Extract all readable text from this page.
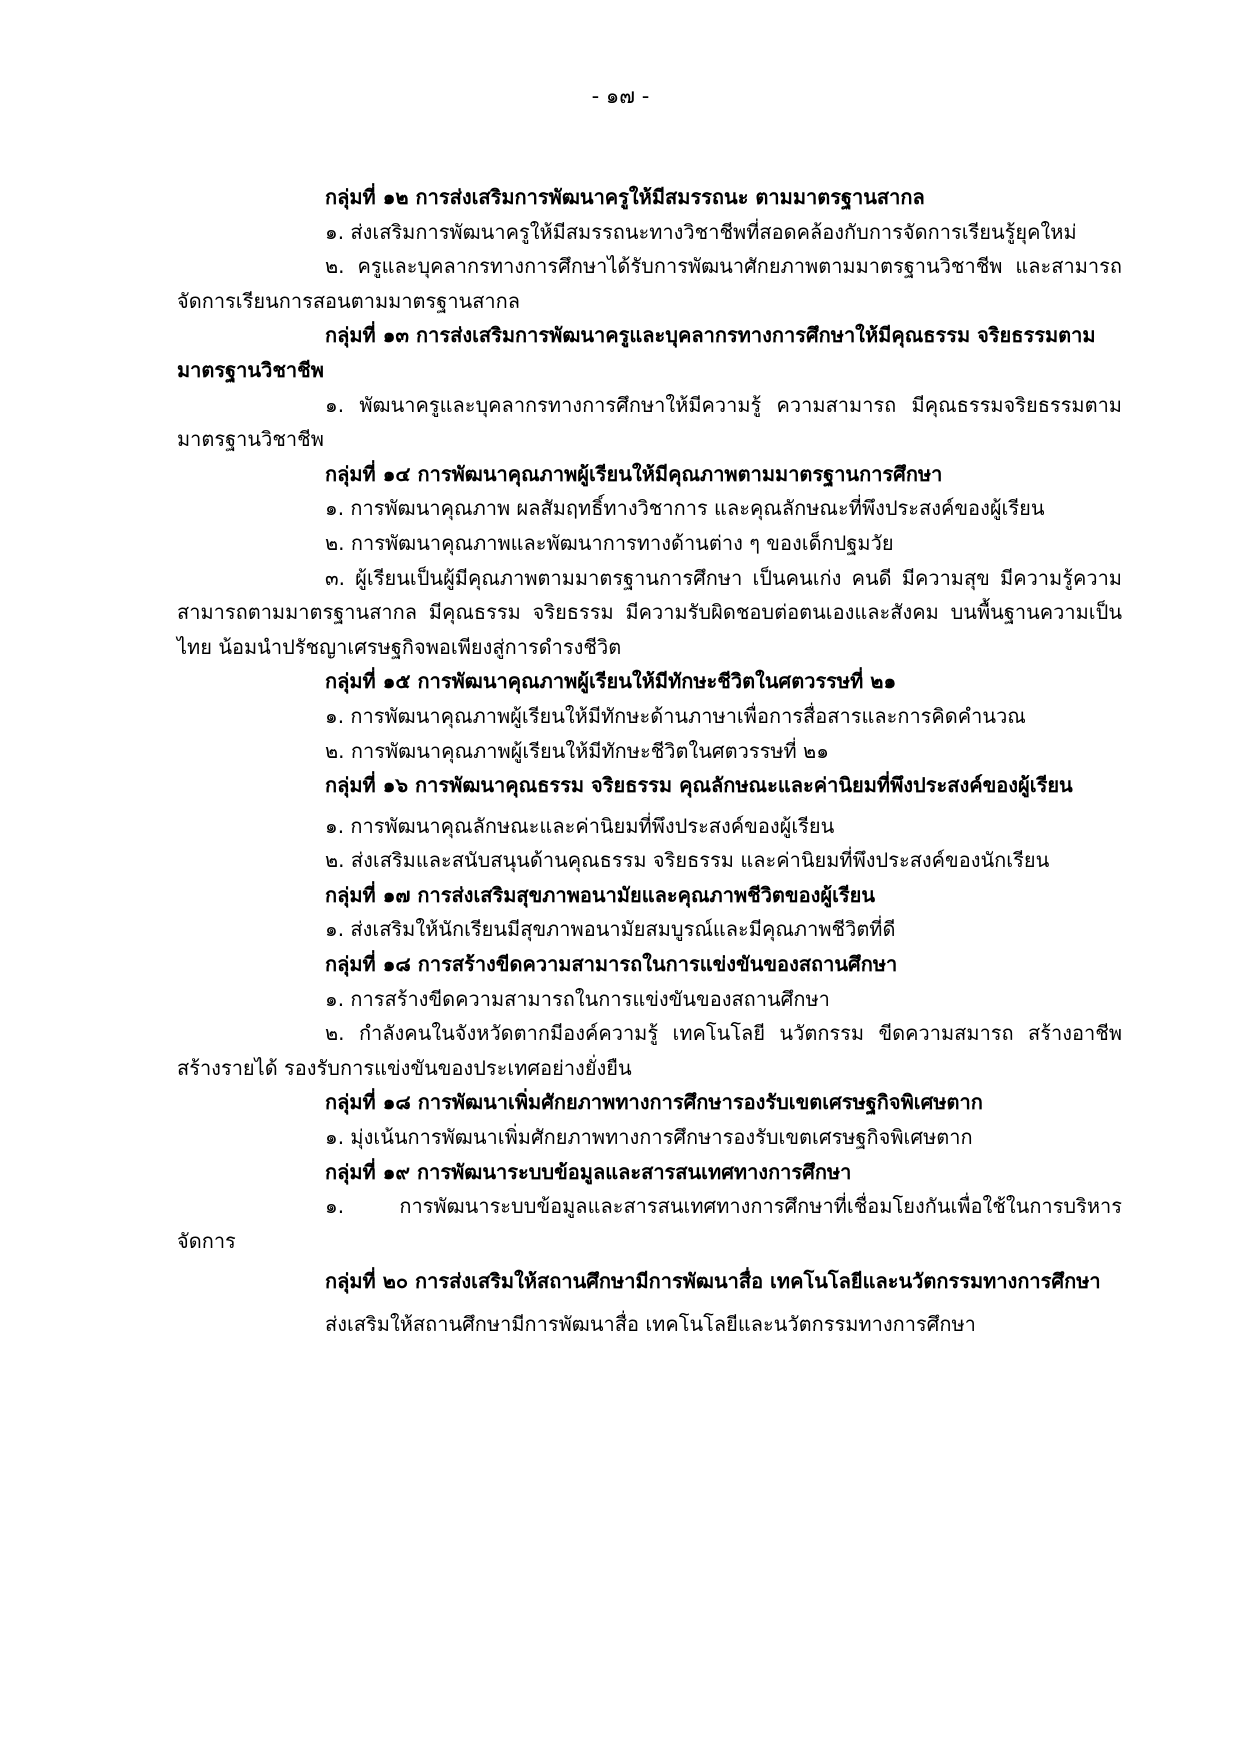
- ๑๗ -

กลุ่มที่ ๑๒ การส่งเสริมการพัฒนาครูให้มีสมรรถนะ ตามมาตรฐานสากล

๑. ส่งเสริมการพัฒนาครูให้มีสมรรถนะทางวิชาชีพที่สอดคล้องกับการจัดการเรียนรู้ยุคใหม่

๒. ครูและบุคลากรทางการศึกษาได้รับการพัฒนาศักยภาพตามมาตรฐานวิชาชีพ และสามารถจัดการเรียนการสอนตามมาตรฐานสากล

กลุ่มที่ ๑๓ การส่งเสริมการพัฒนาครูและบุคลากรทางการศึกษาให้มีคุณธรรม จริยธรรมตามมาตรฐานวิชาชีพ

๑. พัฒนาครูและบุคลากรทางการศึกษาให้มีความรู้ ความสามารถ มีคุณธรรมจริยธรรมตามมาตรฐานวิชาชีพ

กลุ่มที่ ๑๔ การพัฒนาคุณภาพผู้เรียนให้มีคุณภาพตามมาตรฐานการศึกษา

๑. การพัฒนาคุณภาพ ผลสัมฤทธิ์ทางวิชาการ และคุณลักษณะที่พึงประสงค์ของผู้เรียน

๒. การพัฒนาคุณภาพและพัฒนาการทางด้านต่าง ๆ ของเด็กปฐมวัย

๓. ผู้เรียนเป็นผู้มีคุณภาพตามมาตรฐานการศึกษา เป็นคนเก่ง คนดี มีความสุข มีความรู้ความสามารถตามมาตรฐานสากล มีคุณธรรม จริยธรรม มีความรับผิดชอบต่อตนเองและสังคม บนพื้นฐานความเป็นไทย น้อมนำปรัชญาเศรษฐกิจพอเพียงสู่การดำรงชีวิต

กลุ่มที่ ๑๕ การพัฒนาคุณภาพผู้เรียนให้มีทักษะชีวิตในศตวรรษที่ ๒๑

๑. การพัฒนาคุณภาพผู้เรียนให้มีทักษะด้านภาษาเพื่อการสื่อสารและการคิดคำนวณ

๒. การพัฒนาคุณภาพผู้เรียนให้มีทักษะชีวิตในศตวรรษที่ ๒๑

กลุ่มที่ ๑๖ การพัฒนาคุณธรรม จริยธรรม คุณลักษณะและค่านิยมที่พึงประสงค์ของผู้เรียน

๑. การพัฒนาคุณลักษณะและค่านิยมที่พึงประสงค์ของผู้เรียน

๒. ส่งเสริมและสนับสนุนด้านคุณธรรม จริยธรรม และค่านิยมที่พึงประสงค์ของนักเรียน

กลุ่มที่ ๑๗ การส่งเสริมสุขภาพอนามัยและคุณภาพชีวิตของผู้เรียน

๑. ส่งเสริมให้นักเรียนมีสุขภาพอนามัยสมบูรณ์และมีคุณภาพชีวิตที่ดี

กลุ่มที่ ๑๘ การสร้างขีดความสามารถในการแข่งขันของสถานศึกษา

๑. การสร้างขีดความสามารถในการแข่งขันของสถานศึกษา

๒. กำลังคนในจังหวัดตากมีองค์ความรู้ เทคโนโลยี นวัตกรรม ขีดความสมารถ สร้างอาชีพสร้างรายได้ รองรับการแข่งขันของประเทศอย่างยั่งยืน

กลุ่มที่ ๑๘ การพัฒนาเพิ่มศักยภาพทางการศึกษารองรับเขตเศรษฐกิจพิเศษตาก

๑. มุ่งเน้นการพัฒนาเพิ่มศักยภาพทางการศึกษารองรับเขตเศรษฐกิจพิเศษตาก

กลุ่มที่ ๑๙ การพัฒนาระบบข้อมูลและสารสนเทศทางการศึกษา

๑. การพัฒนาระบบข้อมูลและสารสนเทศทางการศึกษาที่เชื่อมโยงกันเพื่อใช้ในการบริหารจัดการ

กลุ่มที่ ๒๐ การส่งเสริมให้สถานศึกษามีการพัฒนาสื่อ เทคโนโลยีและนวัตกรรมทางการศึกษา

ส่งเสริมให้สถานศึกษามีการพัฒนาสื่อ เทคโนโลยีและนวัตกรรมทางการศึกษา
